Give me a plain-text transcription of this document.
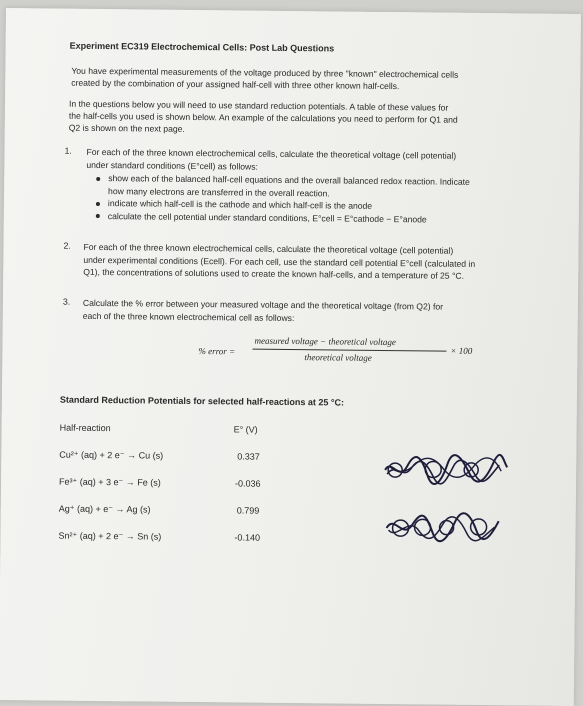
Experiment EC319 Electrochemical Cells: Post Lab Questions
You have experimental measurements of the voltage produced by three "known" electrochemical cells
created by the combination of your assigned half-cell with three other known half-cells.
In the questions below you will need to use standard reduction potentials. A table of these values for
the half-cells you used is shown below. An example of the calculations you need to perform for Q1 and
Q2 is shown on the next page.
1. For each of the three known electrochemical cells, calculate the theoretical voltage (cell potential)
under standard conditions (E°cell) as follows:
show each of the balanced half-cell equations and the overall balanced redox reaction. Indicate
how many electrons are transferred in the overall reaction.
indicate which half-cell is the cathode and which half-cell is the anode
calculate the cell potential under standard conditions, E°cell = E°cathode − E°anode
2. For each of the three known electrochemical cells, calculate the theoretical voltage (cell potential)
under experimental conditions (Ecell). For each cell, use the standard cell potential E°cell (calculated in
Q1), the concentrations of solutions used to create the known half-cells, and a temperature of 25 °C.
3. Calculate the % error between your measured voltage and the theoretical voltage (from Q2) for
each of the three known electrochemical cell as follows:
% error =
measured voltage − theoretical voltage
theoretical voltage
× 100
Standard Reduction Potentials for selected half-reactions at 25 °C:
Half-reaction	E° (V)
Cu²⁺ (aq) + 2 e⁻ → Cu (s)	0.337
Fe³⁺ (aq) + 3 e⁻ → Fe (s)	-0.036
Ag⁺ (aq) + e⁻ → Ag (s)	0.799
Sn²⁺ (aq) + 2 e⁻ → Sn (s)	-0.140
